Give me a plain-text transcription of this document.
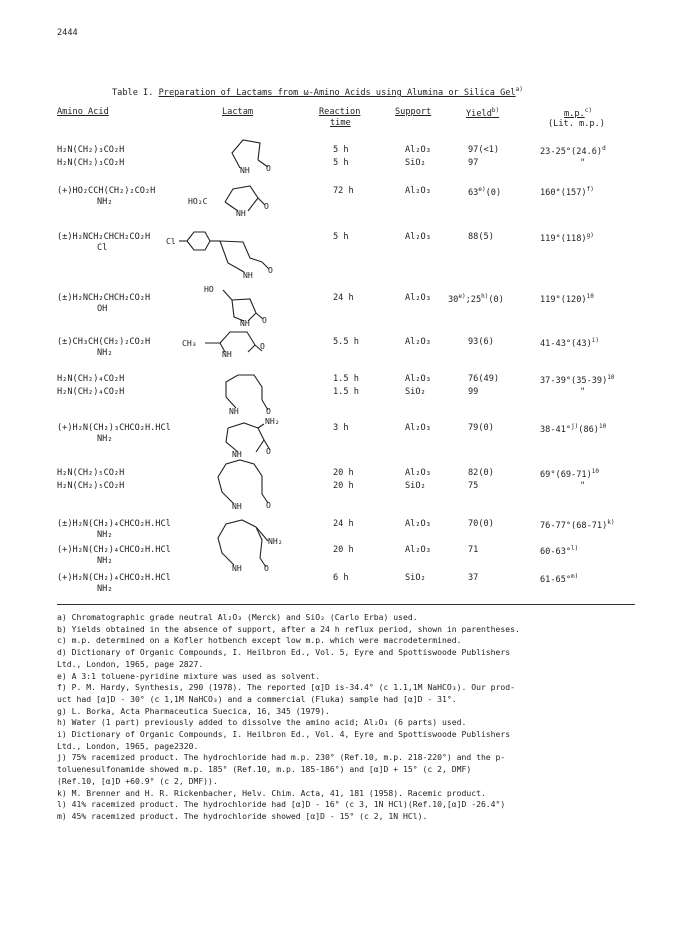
2444
Table I. Preparation of Lactams from ω-Amino Acids using Alumina or Silica Gel$^{a)}$
Amino Acid	Lactam	Reaction
time
Support	Yield$^{b)}$	m.p.$^{c)}$
(Lit. m.p.)
H₂N(CH₂)₃CO₂H	5 h	Al₂O₃	97(<1)	$23-25^\circ(24.6)^d$
H₂N(CH₂)₃CO₂H	5 h	SiO₂	97	"
(+)HO₂CCH(CH₂)₂CO₂H
NH₂
72 h	Al₂O₃	63$^{e)}$(0)	$160^\circ(157)^{f)}$
(±)H₂NCH₂CHCH₂CO₂H
Cl
5 h	Al₂O₃	88(5)	$119^\circ(118)^{g)}$
(±)H₂NCH₂CHCH₂CO₂H
OH
24 h	Al₂O₃ 30$^{e)}$;25$^{h)}$(0)	$119^\circ(120)^{10}$
(±)CH₃CH(CH₂)₂CO₂H
NH₂
5.5 h	Al₂O₃	93(6)	$41-43^\circ(43)^{i)}$
H₂N(CH₂)₄CO₂H	1.5 h	Al₂O₃	76(49)	$37-39^\circ(35-39)^{10}$
H₂N(CH₂)₄CO₂H	1.5 h	SiO₂	99	"
(+)H₂N(CH₂)₃CHCO₂H.HCl
NH₂
3 h	Al₂O₃	79(0)	$38-41^\circ^{j)}(86)^{10}$
H₂N(CH₂)₅CO₂H	20 h	Al₂O₃	82(0)	$69^\circ(69-71)^{10}$
H₂N(CH₂)₅CO₂H	20 h	SiO₂	75	"
(±)H₂N(CH₂)₄CHCO₂H.HCl
NH₂
24 h	Al₂O₃	70(0)	$76-77^\circ(68-71)^{k)}$
(+)H₂N(CH₂)₄CHCO₂H.HCl
NH₂
20 h	Al₂O₃	71	60-63°$^{l)}$
(+)H₂N(CH₂)₄CHCO₂H.HCl
NH₂
6 h	SiO₂	37	61-65°$^{m)}$
NH O
HO₂C
NH
O
Cl
NH O
HO
NH O
CH₃
NH
O
NH	O
NH₂
NH	O
NH	O
NH₂
NH	O
a) Chromatographic grade neutral Al₂O₃ (Merck) and SiO₂ (Carlo Erba) used.
b) Yields obtained in the absence of support, after a 24 h reflux period, shown in parentheses.
c) m.p. determined on a Kofler hotbench except low m.p. which were macrodetermined.
d) Dictionary of Organic Compounds, I. Heilbron Ed., Vol. 5, Eyre and Spottiswoode Publishers
Ltd., London, 1965, page 2827.
e) A 3:1 toluene-pyridine mixture was used as solvent.
f) P. M. Hardy, Synthesis, 290 (1978). The reported [α]D is-34.4° (c 1.1,1M NaHCO₃). Our prod-
uct had [α]D - 30° (c 1,1M NaHCO₃) and a commercial (Fluka) sample had [α]D - 31°.
g) L. Borka, Acta Pharmaceutica Suecica, 16, 345 (1979).
h) Water (1 part) previously added to dissolve the amino acid; Al₂O₃ (6 parts) used.
i) Dictionary of Organic Compounds, I. Heilbron Ed., Vol. 4, Eyre and Spottiswoode Publishers
Ltd., London, 1965, page2320.
j) 75% racemized product. The hydrochloride had m.p. 230° (Ref.10, m.p. 218-220°) and the p-
toluenesulfonamide showed m.p. 185° (Ref.10, m.p. 185-186°) and [α]D + 15° (c 2, DMF)
(Ref.10, [α]D +60.9° (c 2, DMF)).
k) M. Brenner and H. R. Rickenbacher, Helv. Chim. Acta, 41, 181 (1958). Racemic product.
l) 41% racemized product. The hydrochloride had [α]D - 16° (c 3, 1N HCl)(Ref.10,[α]D -26.4°)
m) 45% racemized product. The hydrochloride showed [α]D - 15° (c 2, 1N HCl).
